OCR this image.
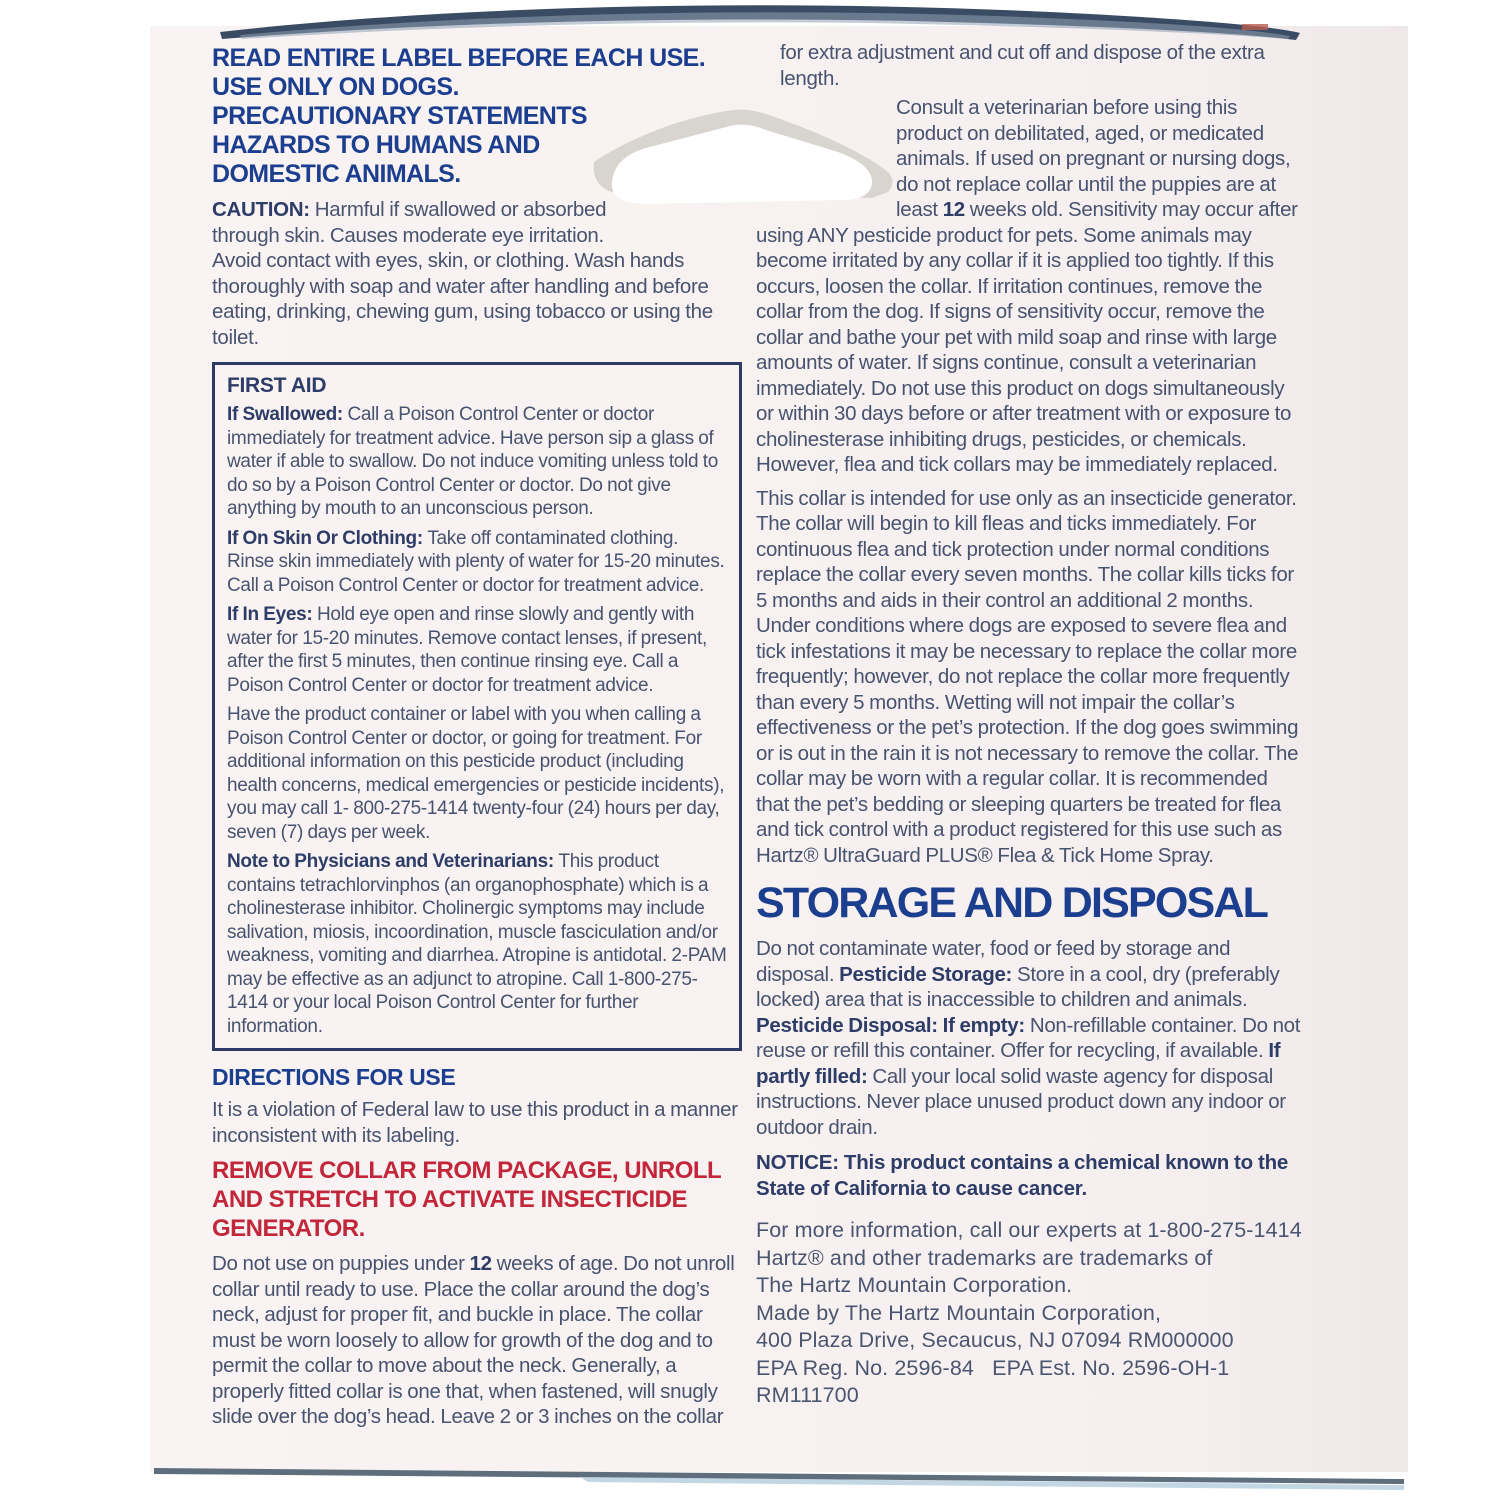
READ ENTIRE LABEL BEFORE EACH USE.
USE ONLY ON DOGS.
PRECAUTIONARY STATEMENTS
HAZARDS TO HUMANS AND
DOMESTIC ANIMALS.
CAUTION: Harmful if swallowed or absorbed through skin. Causes moderate eye irritation. Avoid contact with eyes, skin, or clothing. Wash hands thoroughly with soap and water after handling and before eating, drinking, chewing gum, using tobacco or using the toilet.
FIRST AID
If Swallowed: Call a Poison Control Center or doctor immediately for treatment advice. Have person sip a glass of water if able to swallow. Do not induce vomiting unless told to do so by a Poison Control Center or doctor. Do not give anything by mouth to an unconscious person.
If On Skin Or Clothing: Take off contaminated clothing. Rinse skin immediately with plenty of water for 15-20 minutes. Call a Poison Control Center or doctor for treatment advice.
If In Eyes: Hold eye open and rinse slowly and gently with water for 15-20 minutes. Remove contact lenses, if present, after the first 5 minutes, then continue rinsing eye. Call a Poison Control Center or doctor for treatment advice.
Have the product container or label with you when calling a Poison Control Center or doctor, or going for treatment. For additional information on this pesticide product (including health concerns, medical emergencies or pesticide incidents), you may call 1- 800-275-1414 twenty-four (24) hours per day, seven (7) days per week.
Note to Physicians and Veterinarians: This product contains tetrachlorvinphos (an organophosphate) which is a cholinesterase inhibitor. Cholinergic symptoms may include salivation, miosis, incoordination, muscle fasciculation and/or weakness, vomiting and diarrhea. Atropine is antidotal. 2-PAM may be effective as an adjunct to atropine. Call 1-800-275-1414 or your local Poison Control Center for further information.
DIRECTIONS FOR USE
It is a violation of Federal law to use this product in a manner inconsistent with its labeling.
REMOVE COLLAR FROM PACKAGE, UNROLL AND STRETCH TO ACTIVATE INSECTICIDE GENERATOR.
Do not use on puppies under 12 weeks of age. Do not unroll collar until ready to use. Place the collar around the dog’s neck, adjust for proper fit, and buckle in place. The collar must be worn loosely to allow for growth of the dog and to permit the collar to move about the neck. Generally, a properly fitted collar is one that, when fastened, will snugly slide over the dog’s head. Leave 2 or 3 inches on the collar
for extra adjustment and cut off and dispose of the extra length.
Consult a veterinarian before using this product on debilitated, aged, or medicated animals. If used on pregnant or nursing dogs, do not replace collar until the puppies are at least 12 weeks old. Sensitivity may occur after using ANY pesticide product for pets. Some animals may become irritated by any collar if it is applied too tightly. If this occurs, loosen the collar. If irritation continues, remove the collar from the dog. If signs of sensitivity occur, remove the collar and bathe your pet with mild soap and rinse with large amounts of water. If signs continue, consult a veterinarian immediately. Do not use this product on dogs simultaneously or within 30 days before or after treatment with or exposure to cholinesterase inhibiting drugs, pesticides, or chemicals. However, flea and tick collars may be immediately replaced.
This collar is intended for use only as an insecticide generator. The collar will begin to kill fleas and ticks immediately. For continuous flea and tick protection under normal conditions replace the collar every seven months. The collar kills ticks for 5 months and aids in their control an additional 2 months. Under conditions where dogs are exposed to severe flea and tick infestations it may be necessary to replace the collar more frequently; however, do not replace the collar more frequently than every 5 months. Wetting will not impair the collar’s effectiveness or the pet’s protection. If the dog goes swimming or is out in the rain it is not necessary to remove the collar. The collar may be worn with a regular collar. It is recommended that the pet’s bedding or sleeping quarters be treated for flea and tick control with a product registered for this use such as Hartz® UltraGuard PLUS® Flea & Tick Home Spray.
STORAGE AND DISPOSAL
Do not contaminate water, food or feed by storage and disposal. Pesticide Storage: Store in a cool, dry (preferably locked) area that is inaccessible to children and animals. Pesticide Disposal: If empty: Non-refillable container. Do not reuse or refill this container. Offer for recycling, if available. If partly filled: Call your local solid waste agency for disposal instructions. Never place unused product down any indoor or outdoor drain.
NOTICE: This product contains a chemical known to the State of California to cause cancer.
For more information, call our experts at 1-800-275-1414
Hartz® and other trademarks are trademarks of
The Hartz Mountain Corporation.
Made by The Hartz Mountain Corporation,
400 Plaza Drive, Secaucus, NJ 07094 RM000000
EPA Reg. No. 2596-84   EPA Est. No. 2596-OH-1
RM111700
